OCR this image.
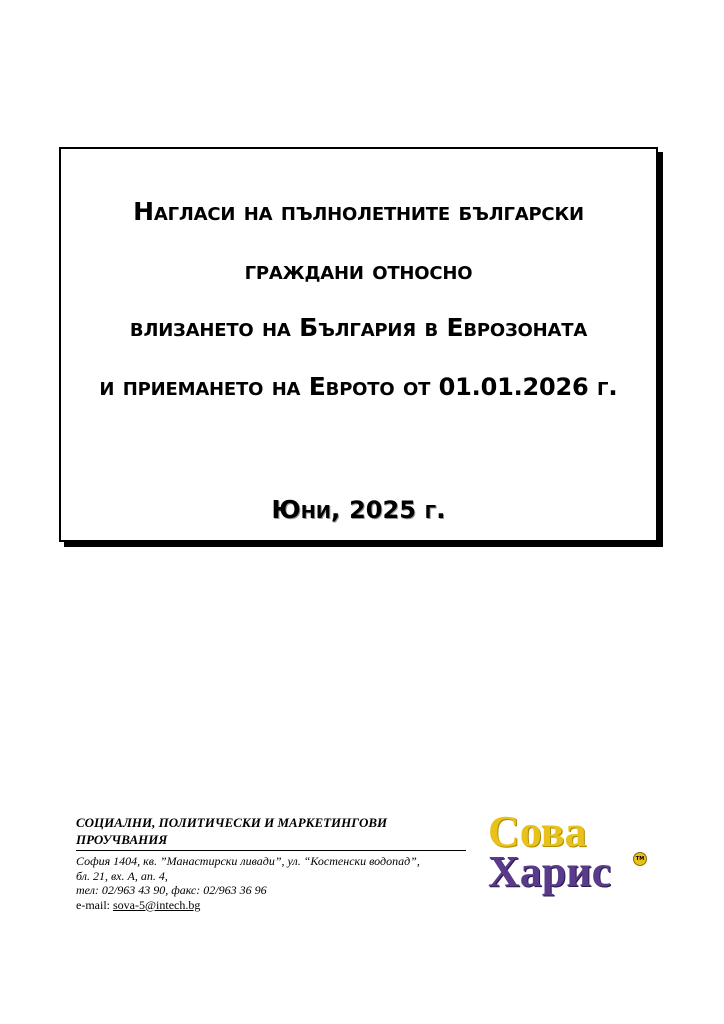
Нагласи на пълнолетните български
граждани относно
влизането на България в Еврозоната
и приемането на Еврото от 01.01.2026 г.
Юни, 2025 г.
СОЦИАЛНИ, ПОЛИТИЧЕСКИ И МАРКЕТИНГОВИ ПРОУЧВАНИЯ
София 1404, кв. ”Манастирски ливади”, ул. “Костенски водопад”,
бл. 21, вх. А, ап. 4,
тел: 02/963 43 90, факс: 02/963 36 96
e-mail: sova-5@intech.bg
Сова
Харис	TM
